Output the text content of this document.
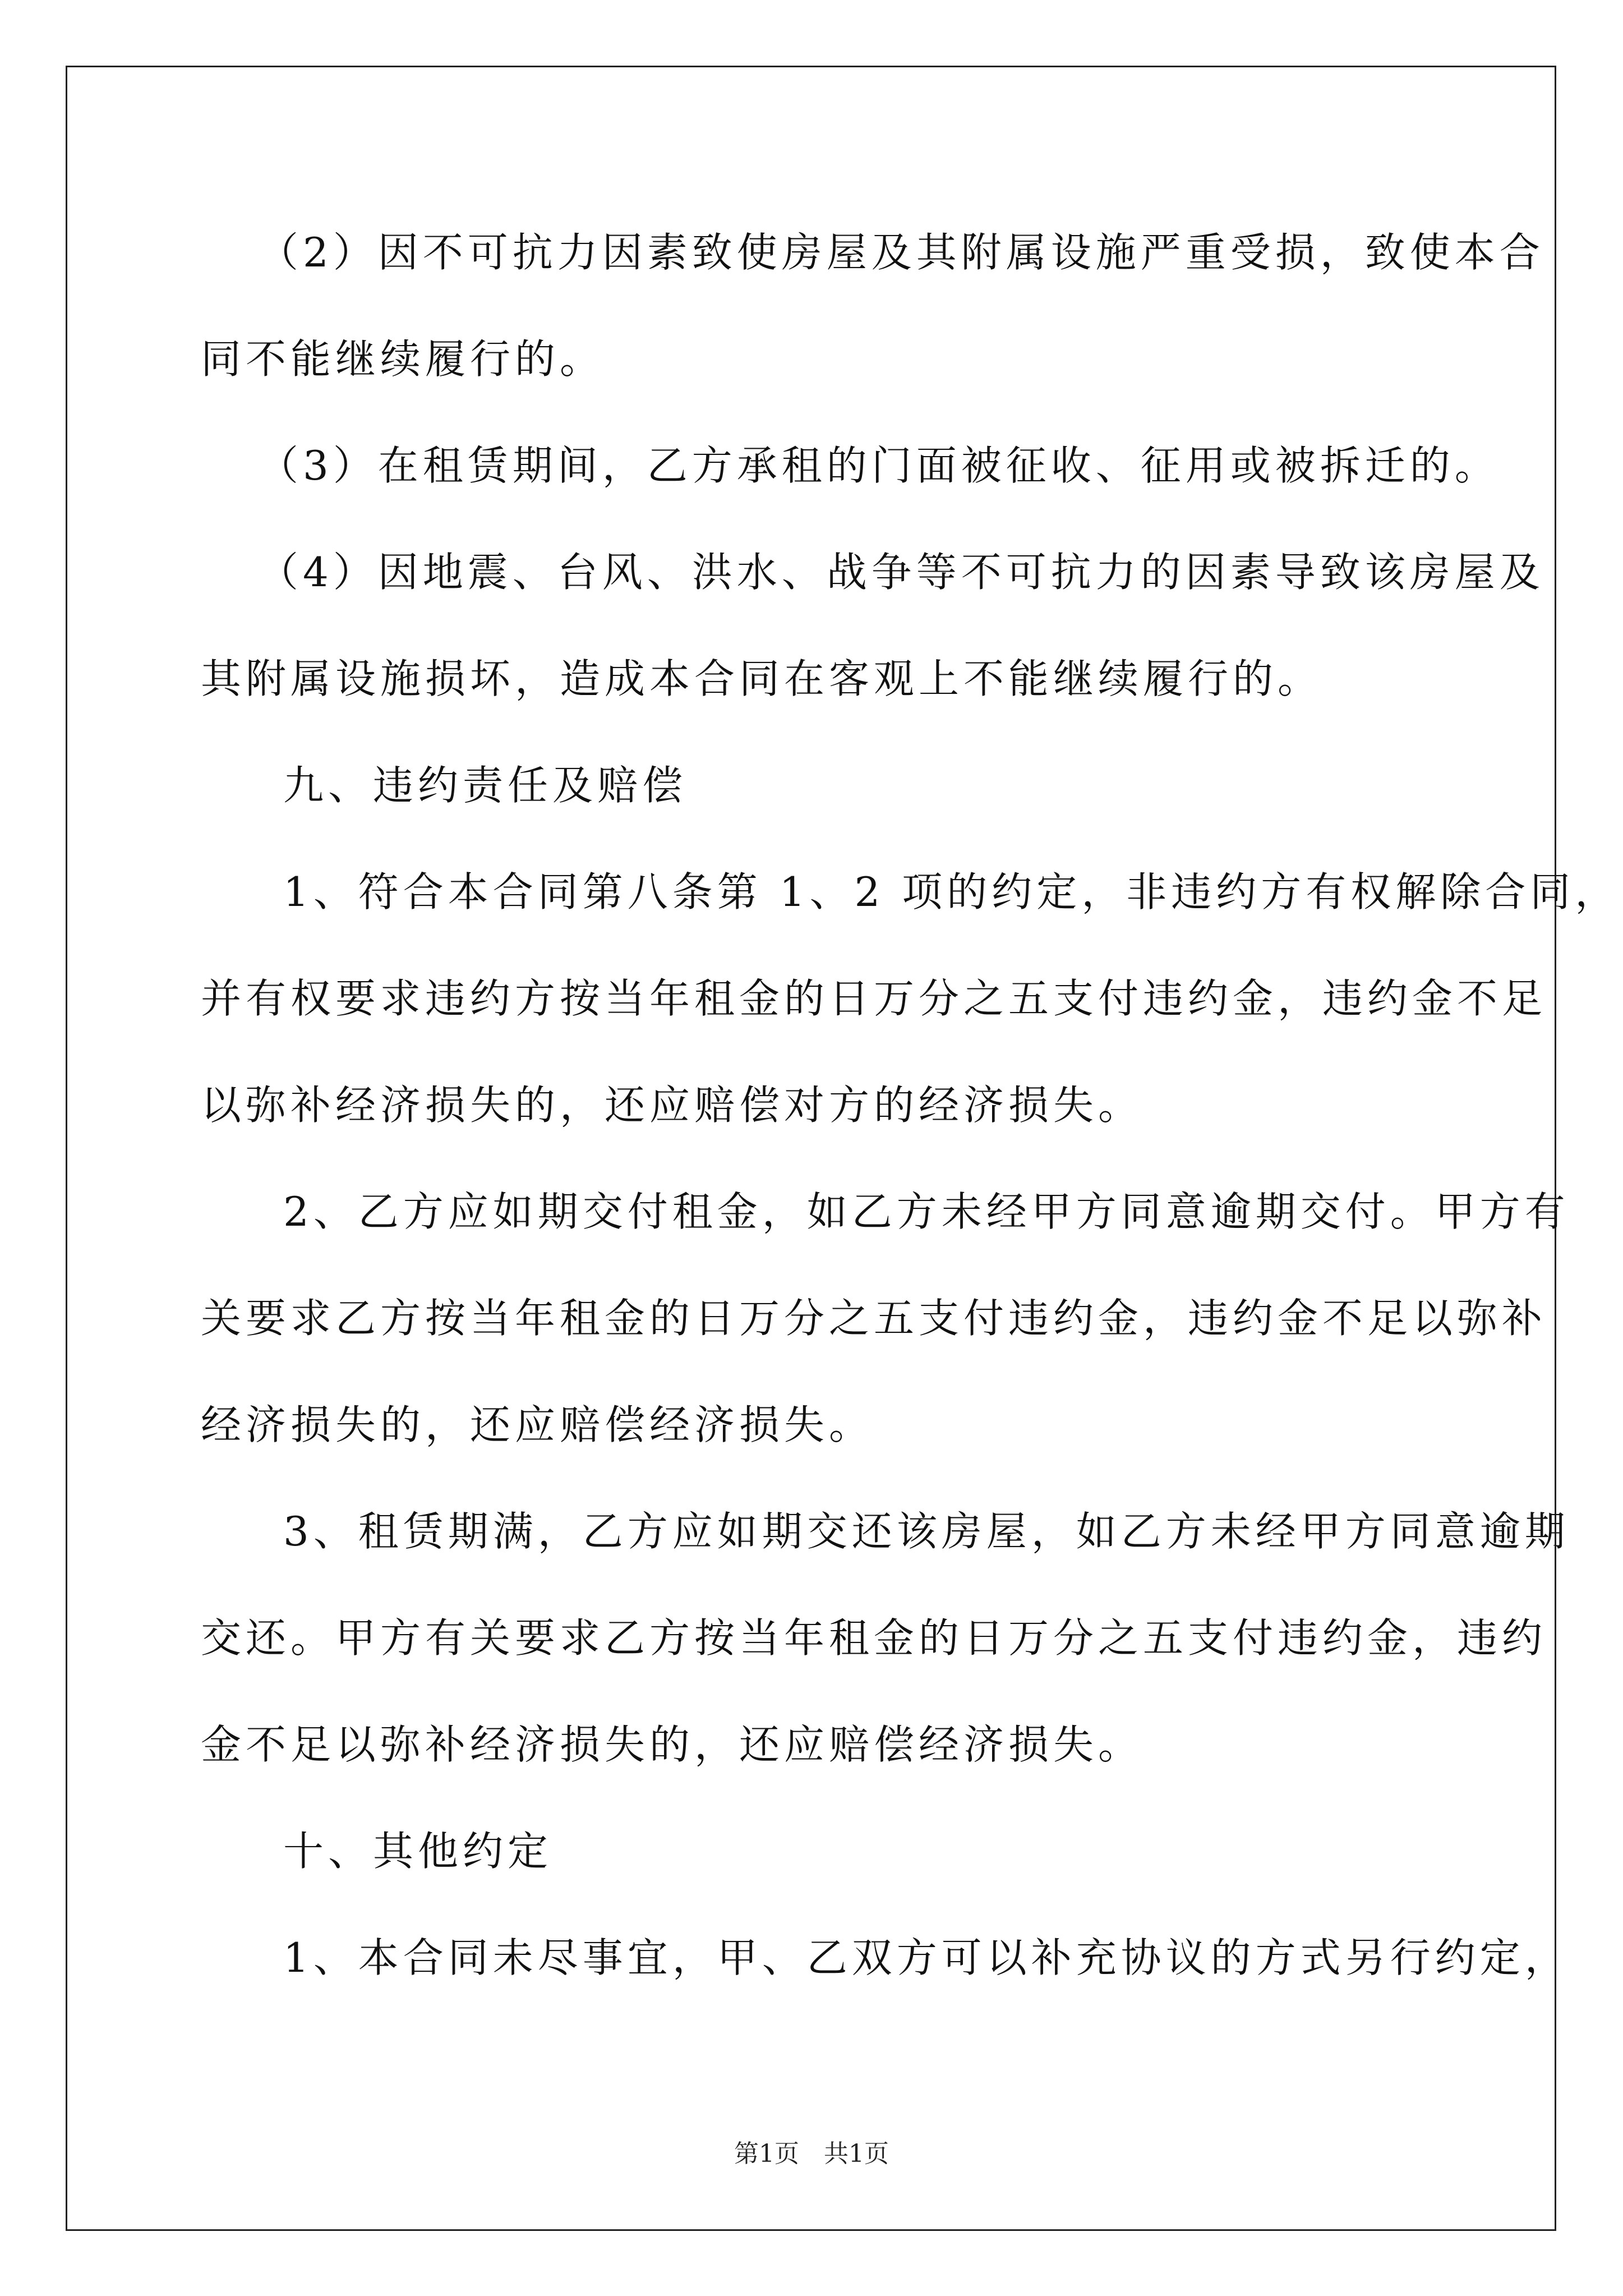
（2）因不可抗力因素致使房屋及其附属设施严重受损，致使本合
同不能继续履行的。
（3）在租赁期间，乙方承租的门面被征收、征用或被拆迁的。
（4）因地震、台风、洪水、战争等不可抗力的因素导致该房屋及
其附属设施损坏，造成本合同在客观上不能继续履行的。
九、违约责任及赔偿
1、符合本合同第八条第 1、2 项的约定，非违约方有权解除合同，
并有权要求违约方按当年租金的日万分之五支付违约金，违约金不足
以弥补经济损失的，还应赔偿对方的经济损失。
2、乙方应如期交付租金，如乙方未经甲方同意逾期交付。甲方有
关要求乙方按当年租金的日万分之五支付违约金，违约金不足以弥补
经济损失的，还应赔偿经济损失。
3、租赁期满，乙方应如期交还该房屋，如乙方未经甲方同意逾期
交还。甲方有关要求乙方按当年租金的日万分之五支付违约金，违约
金不足以弥补经济损失的，还应赔偿经济损失。
十、其他约定
1、本合同未尽事宜，甲、乙双方可以补充协议的方式另行约定，
第1页　共1页
